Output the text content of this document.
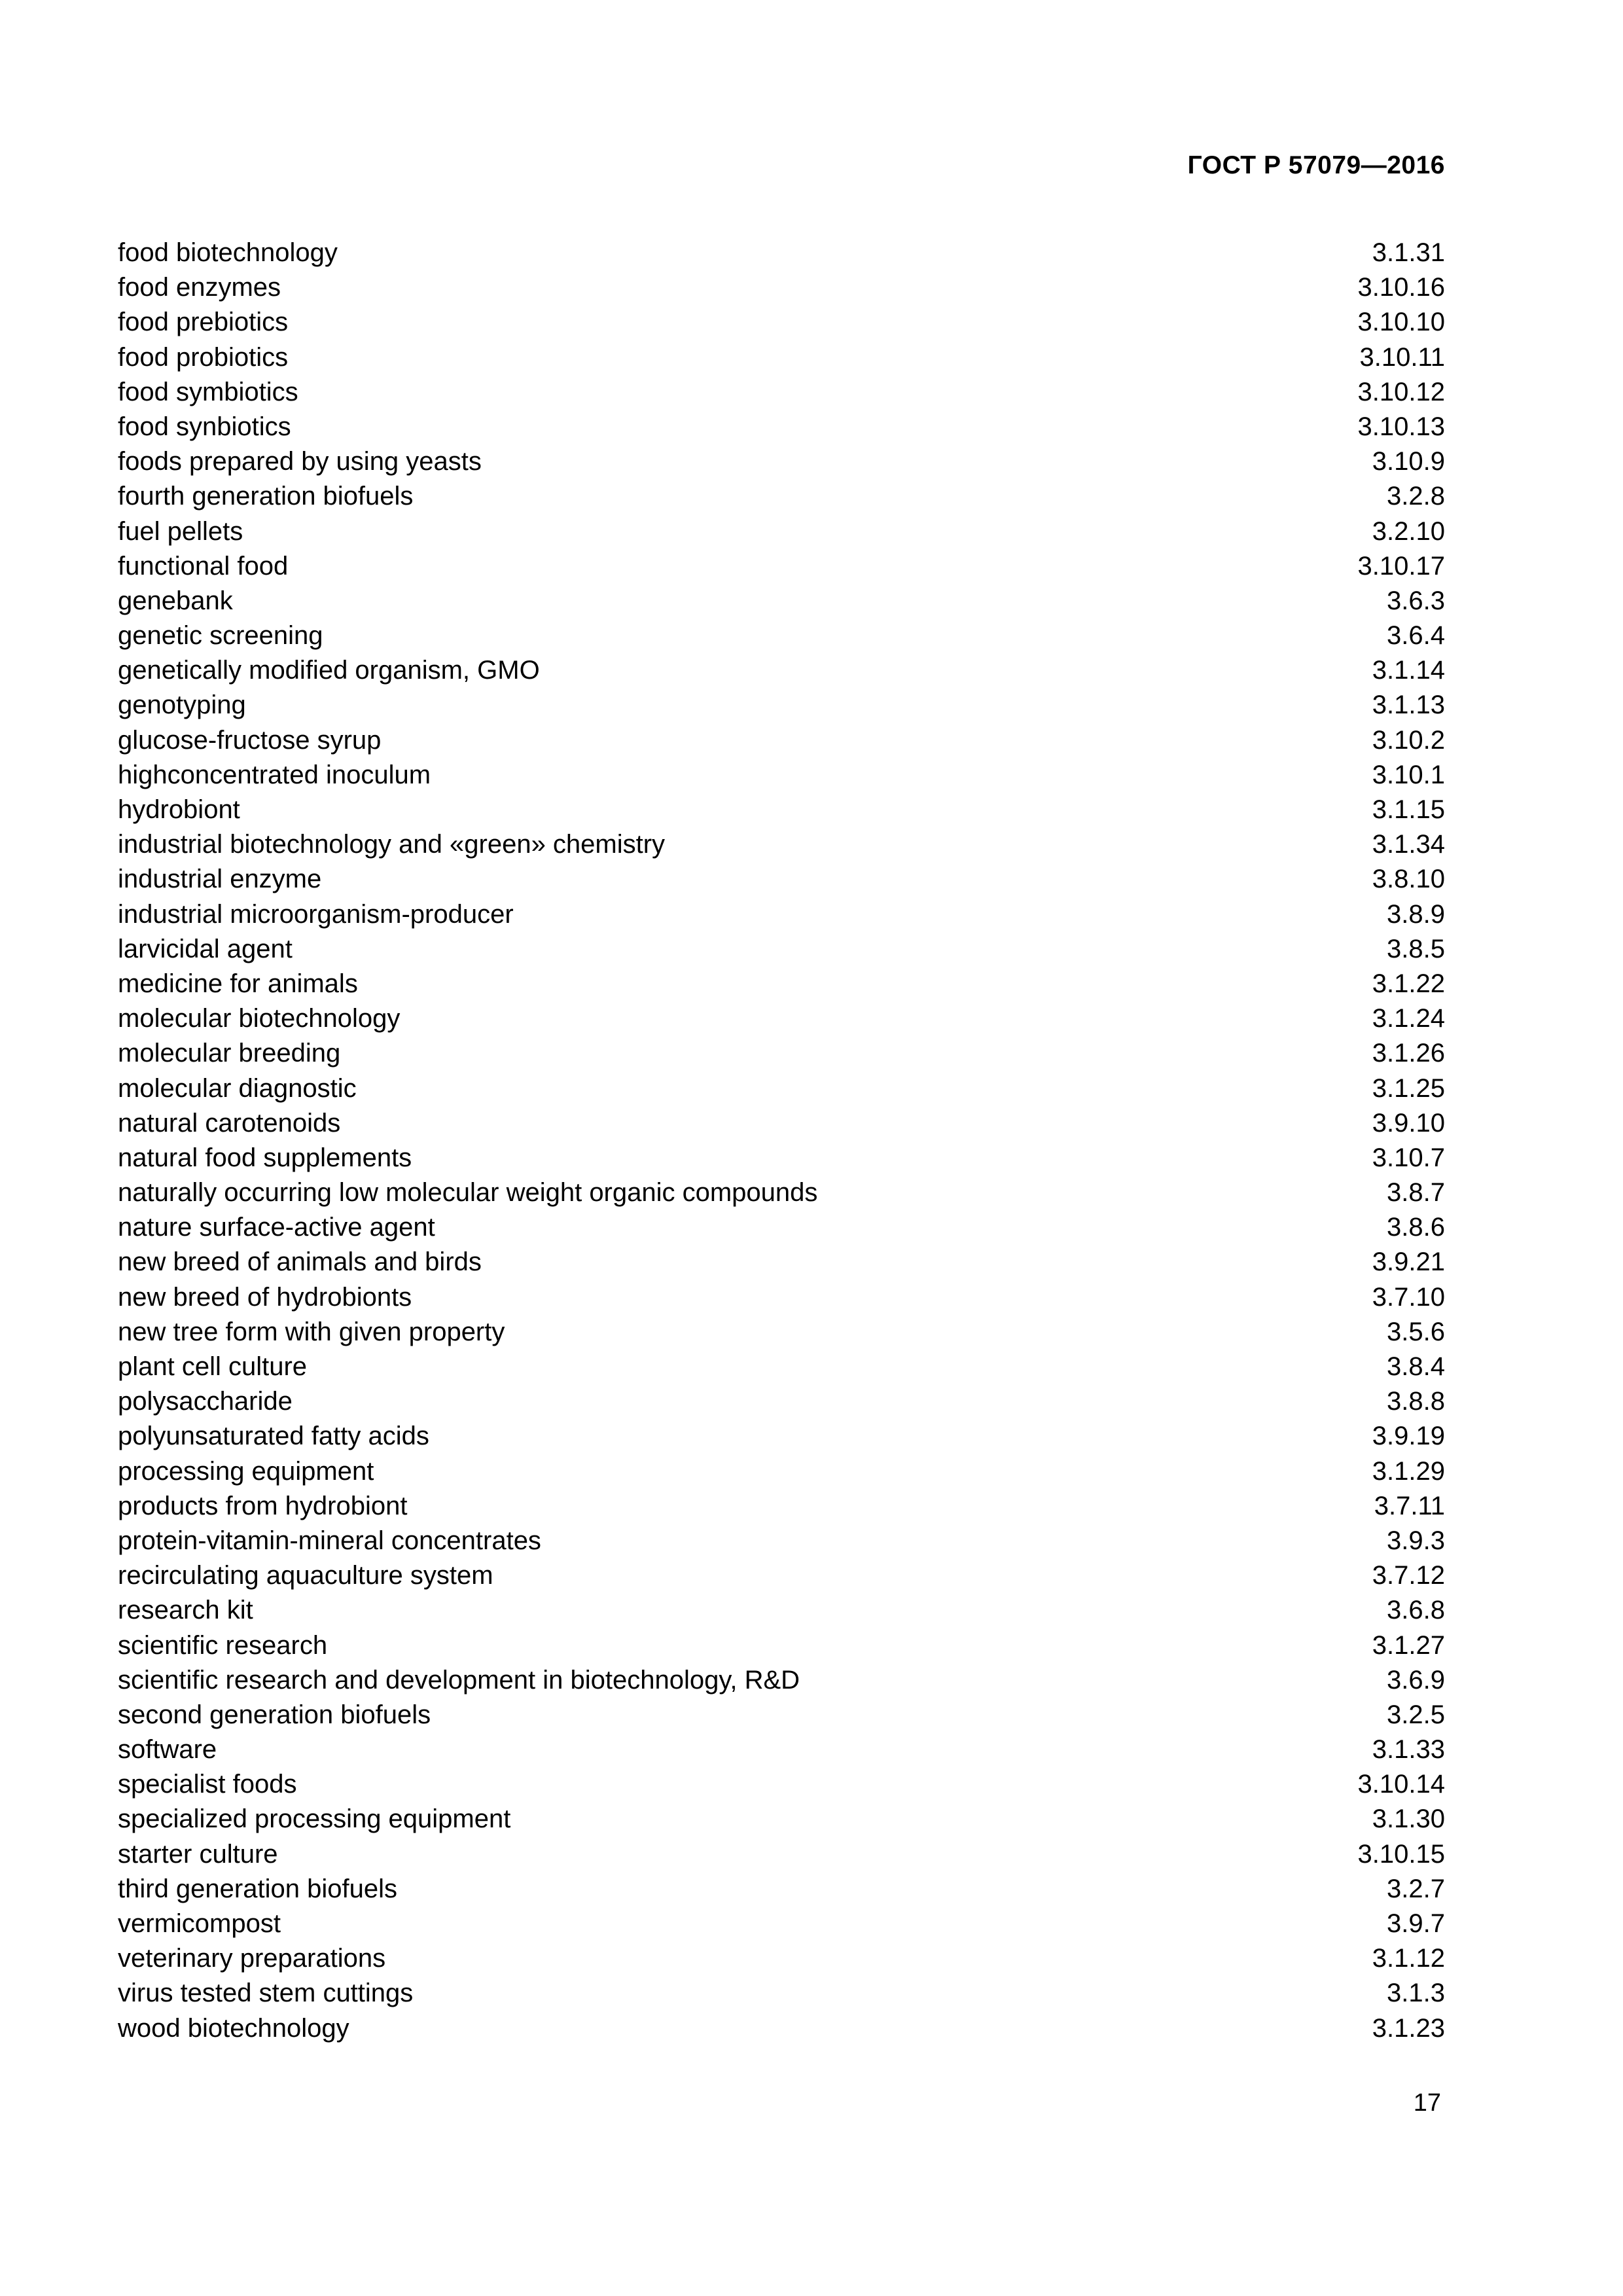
ГОСТ Р 57079—2016
food biotechnology	3.1.31
food enzymes	3.10.16
food prebiotics	3.10.10
food probiotics	3.10.11
food symbiotics	3.10.12
food synbiotics	3.10.13
foods prepared by using yeasts	3.10.9
fourth generation biofuels	3.2.8
fuel pellets	3.2.10
functional food	3.10.17
genebank	3.6.3
genetic screening	3.6.4
genetically modified organism, GMO	3.1.14
genotyping	3.1.13
glucose-fructose syrup	3.10.2
highconcentrated inoculum	3.10.1
hydrobiont	3.1.15
industrial biotechnology and «green» chemistry	3.1.34
industrial enzyme	3.8.10
industrial microorganism-producer	3.8.9
larvicidal agent	3.8.5
medicine for animals	3.1.22
molecular biotechnology	3.1.24
molecular breeding	3.1.26
molecular diagnostic	3.1.25
natural carotenoids	3.9.10
natural food supplements	3.10.7
naturally occurring low molecular weight organic compounds	3.8.7
nature surface-active agent	3.8.6
new breed of animals and birds	3.9.21
new breed of hydrobionts	3.7.10
new tree form with given property	3.5.6
plant cell culture	3.8.4
polysaccharide	3.8.8
polyunsaturated fatty acids	3.9.19
processing equipment	3.1.29
products from hydrobiont	3.7.11
protein-vitamin-mineral concentrates	3.9.3
recirculating aquaculture system	3.7.12
research kit	3.6.8
scientific research	3.1.27
scientific research and development in biotechnology, R&D	3.6.9
second generation biofuels	3.2.5
software	3.1.33
specialist foods	3.10.14
specialized processing equipment	3.1.30
starter culture	3.10.15
third generation biofuels	3.2.7
vermicompost	3.9.7
veterinary preparations	3.1.12
virus tested stem cuttings	3.1.3
wood biotechnology	3.1.23
17
